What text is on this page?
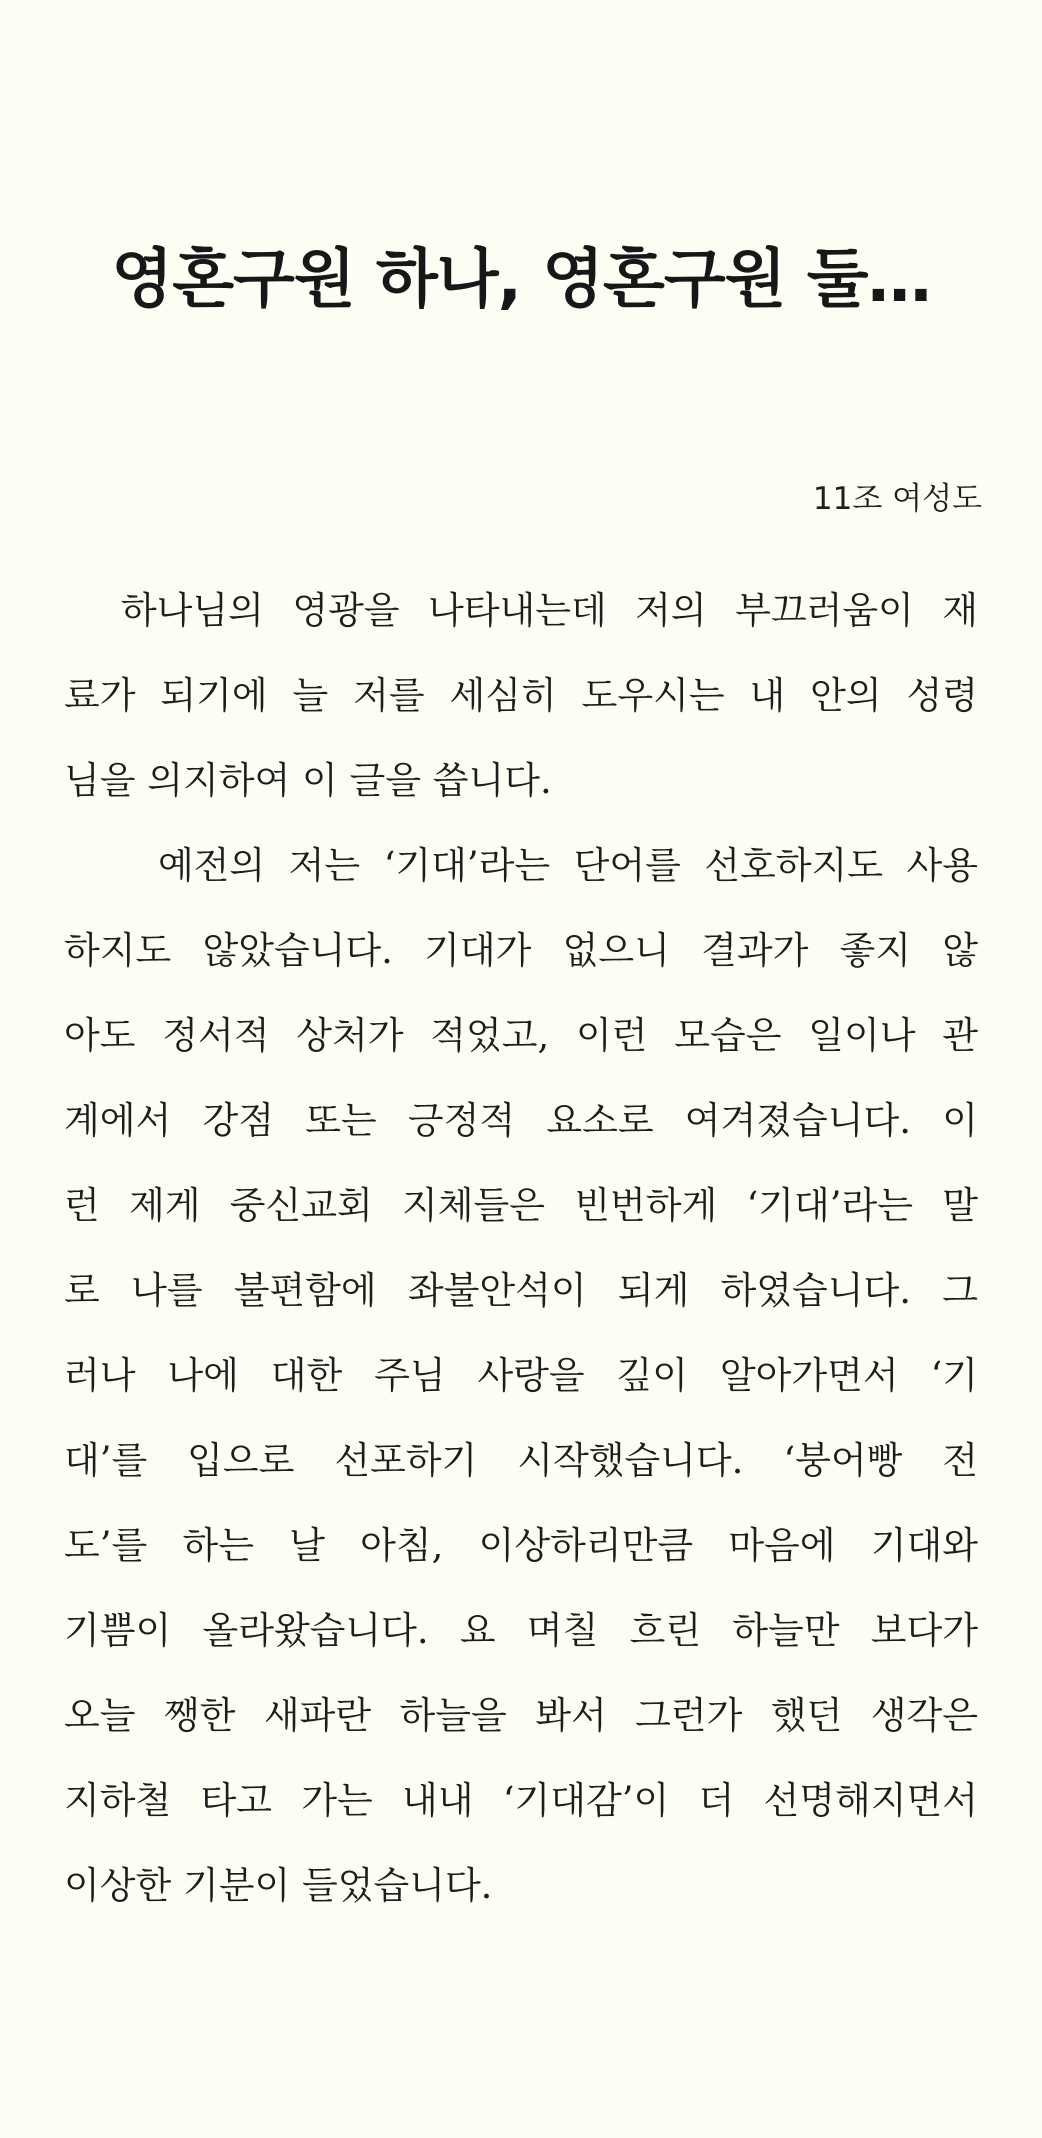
영혼구원 하나, 영혼구원 둘…
11조 여성도
하나님의 영광을 나타내는데 저의 부끄러움이 재
료가 되기에 늘 저를 세심히 도우시는 내 안의 성령
님을 의지하여 이 글을 씁니다.
예전의 저는 ‘기대’라는 단어를 선호하지도 사용
하지도 않았습니다. 기대가 없으니 결과가 좋지 않
아도 정서적 상처가 적었고, 이런 모습은 일이나 관
계에서 강점 또는 긍정적 요소로 여겨졌습니다. 이
런 제게 중신교회 지체들은 빈번하게 ‘기대’라는 말
로 나를 불편함에 좌불안석이 되게 하였습니다. 그
러나 나에 대한 주님 사랑을 깊이 알아가면서 ‘기
대’를 입으로 선포하기 시작했습니다. ‘붕어빵 전
도’를 하는 날 아침, 이상하리만큼 마음에 기대와
기쁨이 올라왔습니다. 요 며칠 흐린 하늘만 보다가
오늘 쨍한 새파란 하늘을 봐서 그런가 했던 생각은
지하철 타고 가는 내내 ‘기대감’이 더 선명해지면서
이상한 기분이 들었습니다.
